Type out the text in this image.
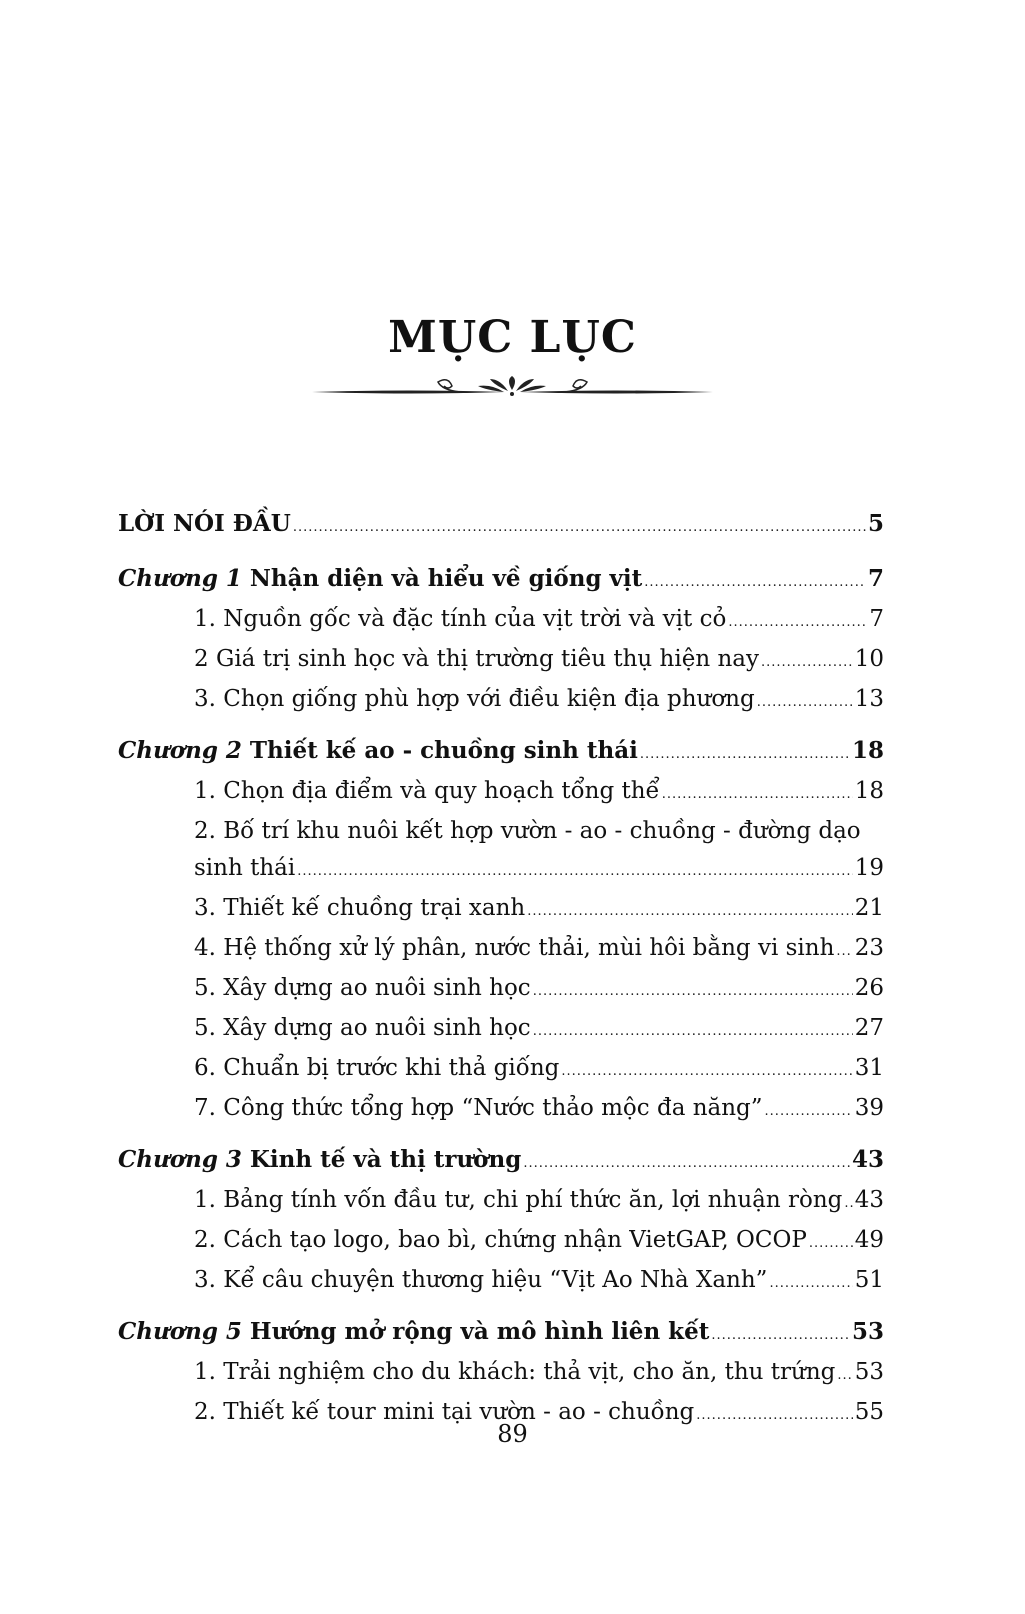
MỤC LỤC
LỜI NÓI ĐẦU .....	5
Chương 1 Nhận diện và hiểu về giống vịt .....	7
1. Nguồn gốc và đặc tính của vịt trời và vịt cỏ .....	7
2 Giá trị sinh học và thị trường tiêu thụ hiện nay .....	10
3. Chọn giống phù hợp với điều kiện địa phương .....	13
Chương 2 Thiết kế ao - chuồng sinh thái .....	18
1. Chọn địa điểm và quy hoạch tổng thể .....	18
2. Bố trí khu nuôi kết hợp vườn - ao - chuồng - đường dạo
sinh thái .....	19
3. Thiết kế chuồng trại xanh .....	21
4. Hệ thống xử lý phân, nước thải, mùi hôi bằng vi sinh ..... 23
5. Xây dựng ao nuôi sinh học .....	26
5. Xây dựng ao nuôi sinh học .....	27
6. Chuẩn bị trước khi thả giống .....	31
7. Công thức tổng hợp “Nước thảo mộc đa năng” .....	39
Chương 3 Kinh tế và thị trường .....	43
1. Bảng tính vốn đầu tư, chi phí thức ăn, lợi nhuận ròng ..... 43
2. Cách tạo logo, bao bì, chứng nhận VietGAP, OCOP ..... 49
3. Kể câu chuyện thương hiệu “Vịt Ao Nhà Xanh” .....	51
Chương 5 Hướng mở rộng và mô hình liên kết .....	53
1. Trải nghiệm cho du khách: thả vịt, cho ăn, thu trứng ..... 53
2. Thiết kế tour mini tại vườn - ao - chuồng .....	55
89
